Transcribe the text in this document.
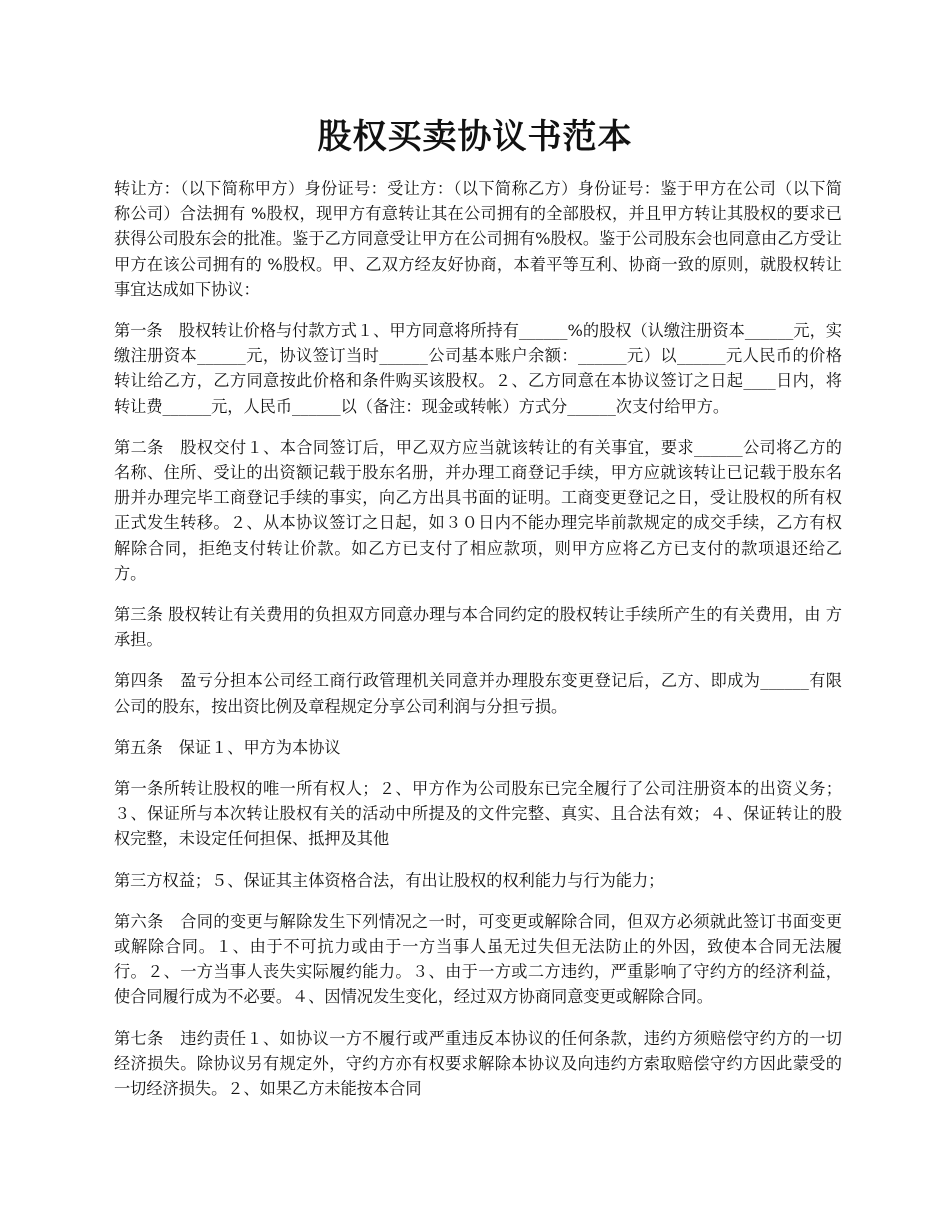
股权买卖协议书范本

转让方：（以下简称甲方）身份证号：受让方：（以下简称乙方）身份证号：鉴于甲方在公司（以下简称公司）合法拥有 %股权，现甲方有意转让其在公司拥有的全部股权，并且甲方转让其股权的要求已获得公司股东会的批准。鉴于乙方同意受让甲方在公司拥有%股权。鉴于公司股东会也同意由乙方受让甲方在该公司拥有的 %股权。甲、乙双方经友好协商，本着平等互利、协商一致的原则，就股权转让事宜达成如下协议：

第一条　股权转让价格与付款方式１、甲方同意将所持有______%的股权（认缴注册资本______元，实缴注册资本______元，协议签订当时______公司基本账户余额：______元）以______元人民币的价格转让给乙方，乙方同意按此价格和条件购买该股权。２、乙方同意在本协议签订之日起____日内，将转让费______元，人民币______以（备注：现金或转帐）方式分______次支付给甲方。

第二条　股权交付１、本合同签订后，甲乙双方应当就该转让的有关事宜，要求______公司将乙方的名称、住所、受让的出资额记载于股东名册，并办理工商登记手续，甲方应就该转让已记载于股东名册并办理完毕工商登记手续的事实，向乙方出具书面的证明。工商变更登记之日，受让股权的所有权正式发生转移。２、从本协议签订之日起，如３０日内不能办理完毕前款规定的成交手续，乙方有权解除合同，拒绝支付转让价款。如乙方已支付了相应款项，则甲方应将乙方已支付的款项退还给乙方。

第三条 股权转让有关费用的负担双方同意办理与本合同约定的股权转让手续所产生的有关费用，由 方承担。

第四条　盈亏分担本公司经工商行政管理机关同意并办理股东变更登记后，乙方、即成为______有限公司的股东，按出资比例及章程规定分享公司利润与分担亏损。

第五条　保证１、甲方为本协议

第一条所转让股权的唯一所有权人；２、甲方作为公司股东已完全履行了公司注册资本的出资义务；３、保证所与本次转让股权有关的活动中所提及的文件完整、真实、且合法有效；４、保证转让的股权完整，未设定任何担保、抵押及其他

第三方权益；５、保证其主体资格合法，有出让股权的权利能力与行为能力；

第六条　合同的变更与解除发生下列情况之一时，可变更或解除合同，但双方必须就此签订书面变更或解除合同。１、由于不可抗力或由于一方当事人虽无过失但无法防止的外因，致使本合同无法履行。２、一方当事人丧失实际履约能力。３、由于一方或二方违约，严重影响了守约方的经济利益，使合同履行成为不必要。４、因情况发生变化，经过双方协商同意变更或解除合同。

第七条　违约责任１、如协议一方不履行或严重违反本协议的任何条款，违约方须赔偿守约方的一切经济损失。除协议另有规定外，守约方亦有权要求解除本协议及向违约方索取赔偿守约方因此蒙受的一切经济损失。２、如果乙方未能按本合同
